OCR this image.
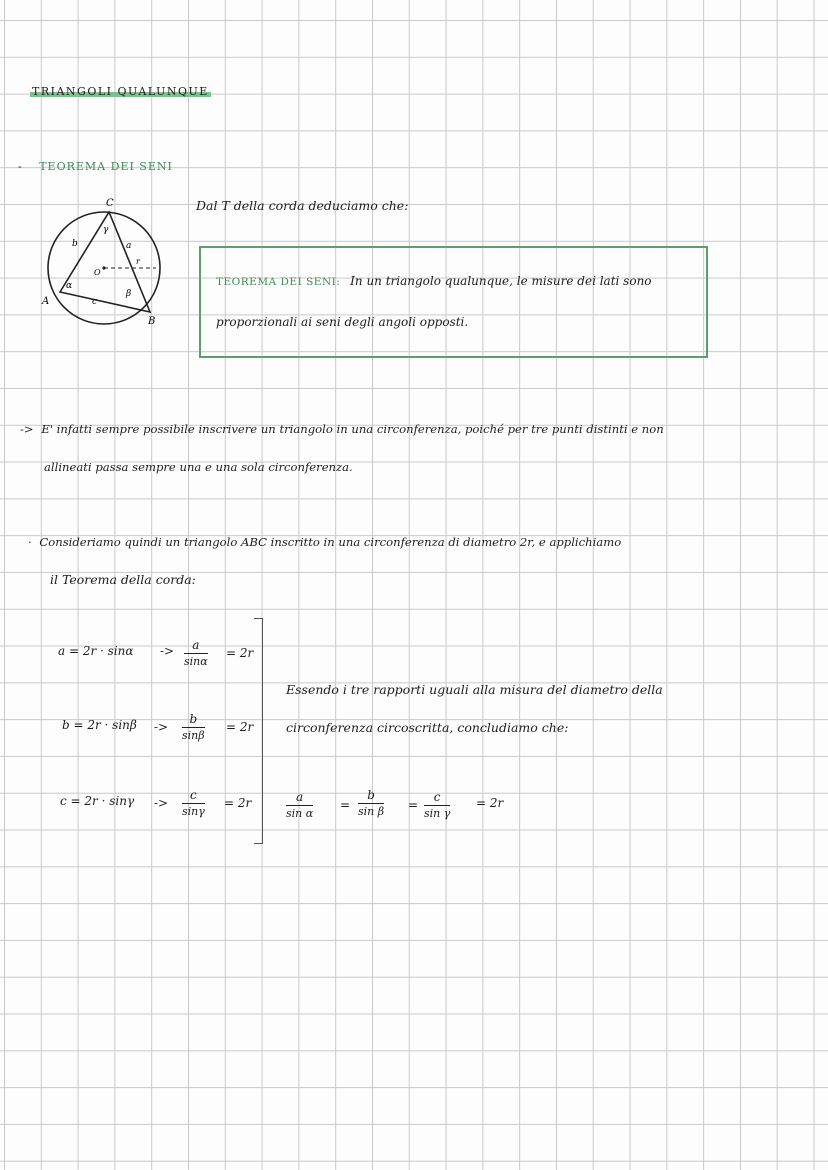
TRIANGOLI QUALUNQUE
- TEOREMA DEI SENI
C
A
B
b	a
c
α
β
γ
O
r
Dal T della corda deduciamo che:
TEOREMA DEI SENI: In un triangolo qualunque, le misure dei lati sono
proporzionali ai seni degli angoli opposti.
-> E' infatti sempre possibile inscrivere un triangolo in una circonferenza, poiché per tre punti distinti e non
allineati passa sempre una e una sola circonferenza.
· Consideriamo quindi un triangolo ABC inscritto in una circonferenza di diametro 2r, e applichiamo
il Teorema della corda:
$a = 2r \cdot \sin\alpha -> \frac{a}{\sin\alpha} = 2r$
$b = 2r \cdot \sin\beta -> \frac{b}{\sin\beta} = 2r$
$c = 2r \cdot \sin\gamma -> \frac{c}{\sin\gamma} = 2r$
Essendo i tre rapporti uguali alla misura del diametro della
circonferenza circoscritta, concludiamo che:
$\frac{a}{\text{sin α}} = \frac{b}{\text{sin β}} = \frac{c}{\text{sin γ}} = 2r$
